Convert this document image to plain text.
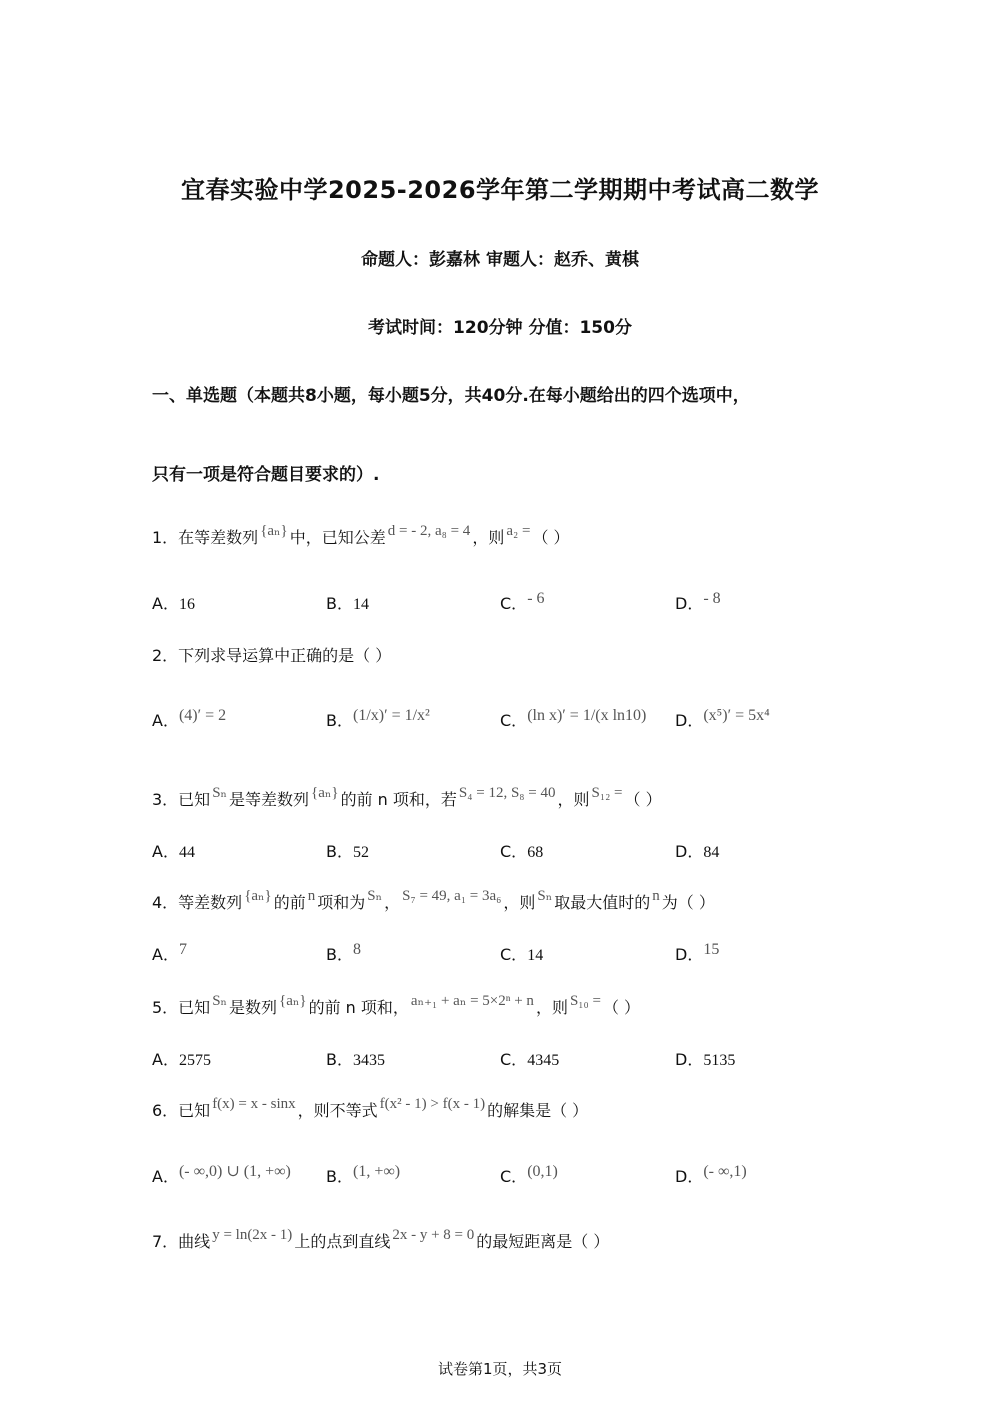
宜春实验中学2025-2026学年第二学期期中考试高二数学
命题人：彭嘉林 审题人：赵乔、黄棋
考试时间：120分钟 分值：150分
一、单选题（本题共8小题，每小题5分，共40分.在每小题给出的四个选项中，
只有一项是符合题目要求的）.
1．在等差数列 {aₙ} 中，已知公差 d = - 2, a₈ = 4 ，则 a₂ = （ ）
A．16	B．14	C．- 6	D．- 8
2．下列求导运算中正确的是（ ）
A．(4)′ = 2	B．(1/x)′ = 1/x²	C．(ln x)′ = 1/(x ln10) D．(x⁵)′ = 5x⁴
3．已知 Sₙ 是等差数列 {aₙ} 的前 n 项和，若 S₄ = 12, S₈ = 40 ，则 S₁₂ = （ ）
A．44	B．52	C．68	D．84
4．等差数列 {aₙ} 的前 n 项和为 Sₙ ， S₇ = 49, a₁ = 3a₆ ，则 Sₙ 取最大值时的 n 为（ ）
A．7	B．8	C．14	D．15
5．已知 Sₙ 是数列 {aₙ} 的前 n 项和， aₙ₊₁ + aₙ = 5×2ⁿ + n ，则 S₁₀ = （ ）
A．2575	B．3435	C．4345	D．5135
6．已知 f(x) = x - sinx ，则不等式 f(x² - 1) > f(x - 1) 的解集是（ ）
A．(- ∞,0) ∪ (1, +∞) B．(1, +∞)	C．(0,1)	D．(- ∞,1)
7．曲线 y = ln(2x - 1) 上的点到直线 2x - y + 8 = 0 的最短距离是（ ）
试卷第1页，共3页
